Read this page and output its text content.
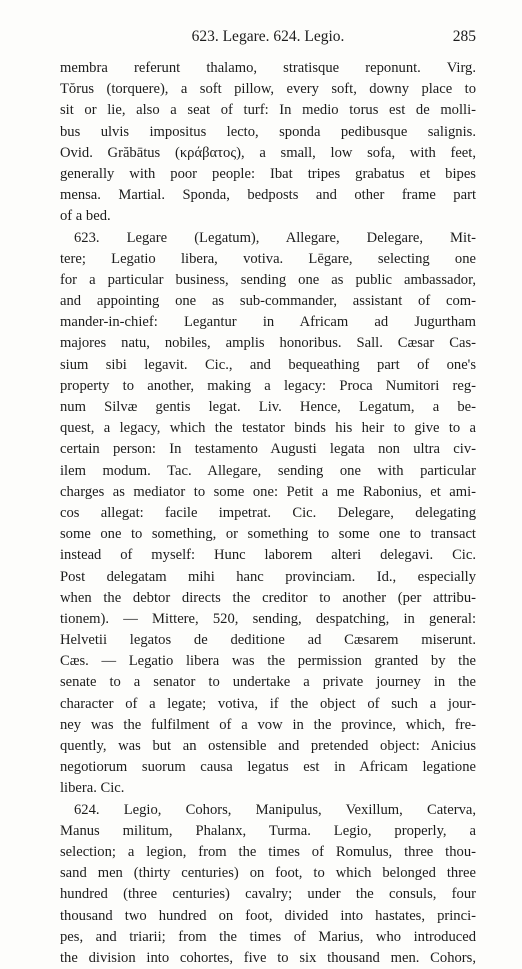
623. Legare. 624. Legio.	285
membra referunt thalamo, stratisque reponunt. Virg.
Tŏrus (torquere), a soft pillow, every soft, downy place to
sit or lie, also a seat of turf: In medio torus est de molli-
bus ulvis impositus lecto, sponda pedibusque salignis.
Ovid. Grăbātus (κράβατος), a small, low sofa, with feet,
generally with poor people: Ibat tripes grabatus et bipes
mensa. Martial. Sponda, bedposts and other frame part
of a bed.
623. Legare (Legatum), Allegare, Delegare, Mit-
tere; Legatio libera, votiva. Lēgare, selecting one
for a particular business, sending one as public ambassador,
and appointing one as sub-commander, assistant of com-
mander-in-chief: Legantur in Africam ad Jugurtham
majores natu, nobiles, amplis honoribus. Sall. Cæsar Cas-
sium sibi legavit. Cic., and bequeathing part of one's
property to another, making a legacy: Proca Numitori reg-
num Silvæ gentis legat. Liv. Hence, Legatum, a be-
quest, a legacy, which the testator binds his heir to give to a
certain person: In testamento Augusti legata non ultra civ-
ilem modum. Tac. Allegare, sending one with particular
charges as mediator to some one: Petit a me Rabonius, et ami-
cos allegat: facile impetrat. Cic. Delegare, delegating
some one to something, or something to some one to transact
instead of myself: Hunc laborem alteri delegavi. Cic.
Post delegatam mihi hanc provinciam. Id., especially
when the debtor directs the creditor to another (per attribu-
tionem). — Mittere, 520, sending, despatching, in general:
Helvetii legatos de deditione ad Cæsarem miserunt.
Cæs. — Legatio libera was the permission granted by the
senate to a senator to undertake a private journey in the
character of a legate; votiva, if the object of such a jour-
ney was the fulfilment of a vow in the province, which, fre-
quently, was but an ostensible and pretended object: Anicius
negotiorum suorum causa legatus est in Africam legatione
libera. Cic.
624. Legio, Cohors, Manipulus, Vexillum, Caterva,
Manus militum, Phalanx, Turma. Legio, properly, a
selection; a legion, from the times of Romulus, three thou-
sand men (thirty centuries) on foot, to which belonged three
hundred (three centuries) cavalry; under the consuls, four
thousand two hundred on foot, divided into hastates, princi-
pes, and triarii; from the times of Marius, who introduced
the division into cohortes, five to six thousand men. Cohors,
